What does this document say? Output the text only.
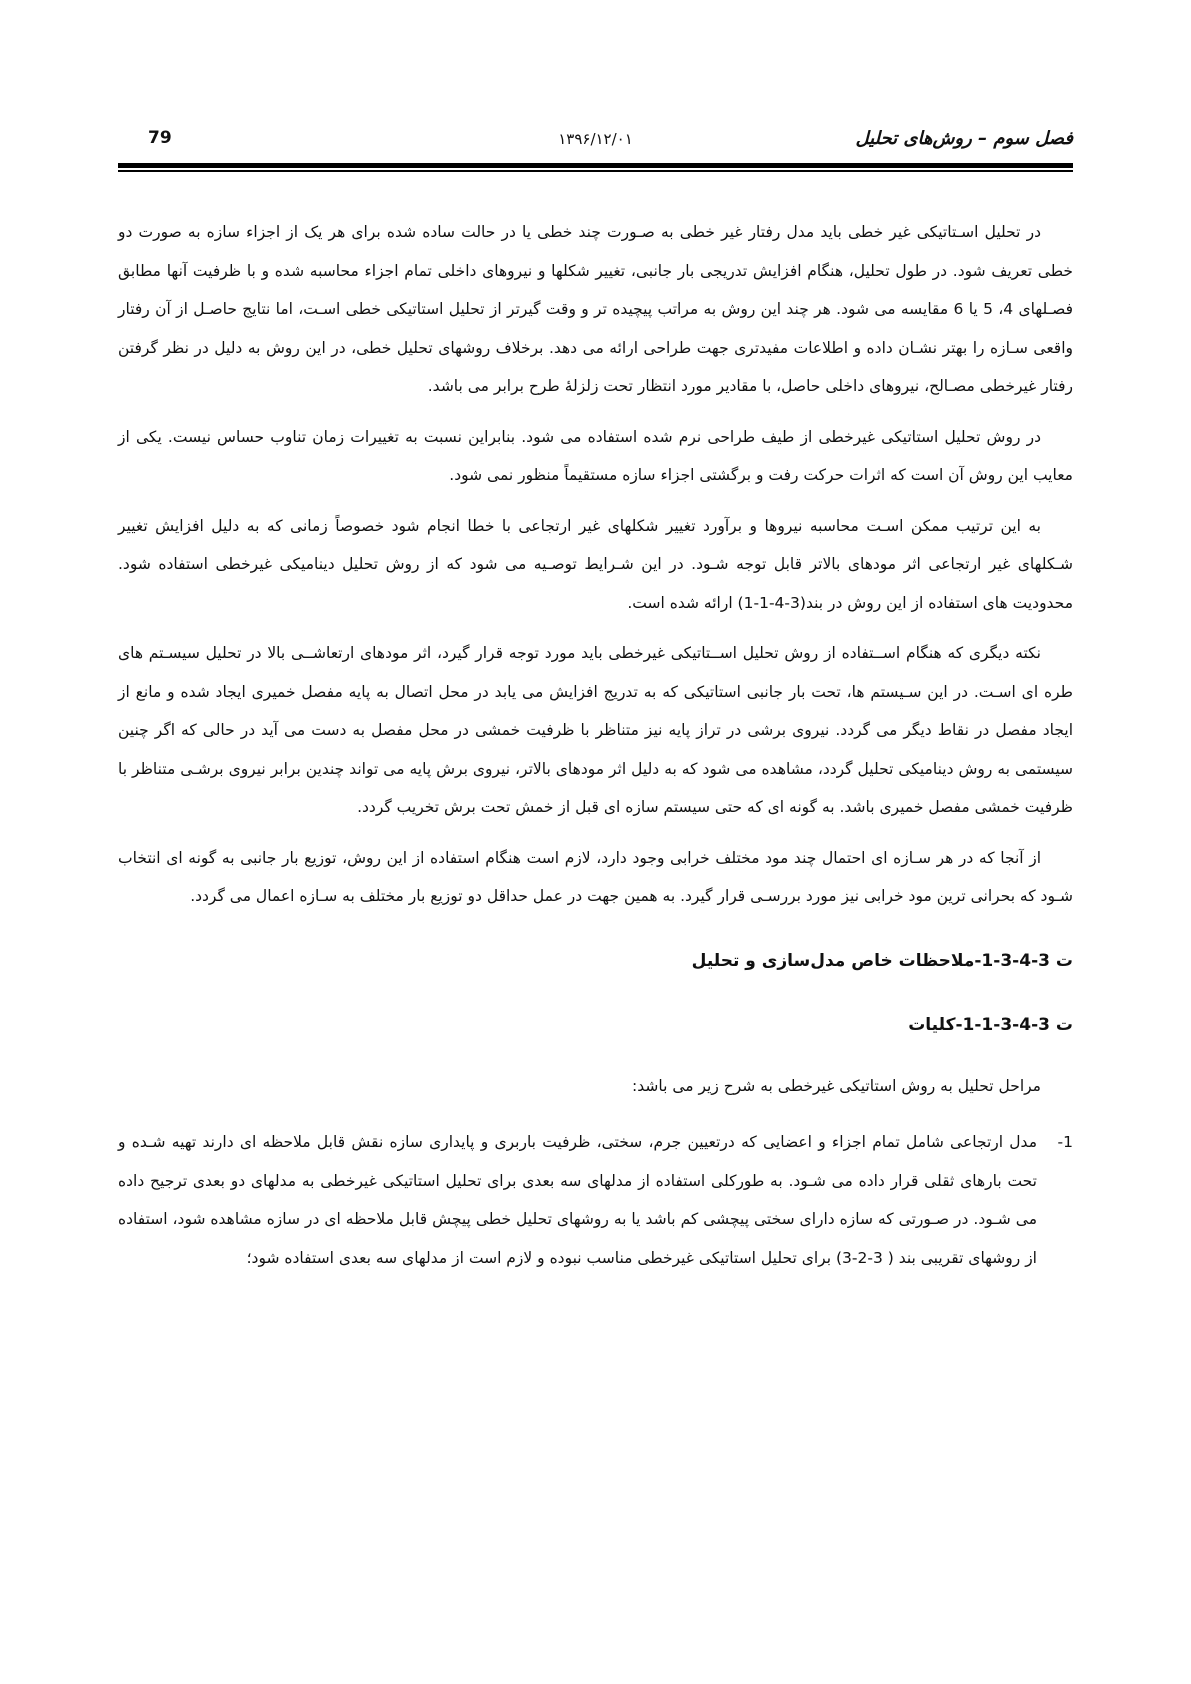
فصل سوم – روش‌های تحلیل
۱۳۹۶/۱۲/۰۱
79

در تحلیل اسـتاتیکی غیر خطی باید مدل رفتار غیر خطی به صـورت چند خطی یا در حالت ساده شده برای هر یک از اجزاء سازه به صورت دو خطی تعریف شود. در طول تحلیل، هنگام افزایش تدریجی بار جانبی، تغییر شکلها و نیروهای داخلی تمام اجزاء محاسبه شده و با ظرفیت آنها مطابق فصـلهای 4، 5 یا 6 مقایسه می شود. هر چند این روش به مراتب پیچیده تر و وقت گیرتر از تحلیل استاتیکی خطی اسـت، اما نتایج حاصـل از آن رفتار واقعی سـازه را بهتر نشـان داده و اطلاعات مفیدتری جهت طراحی ارائه می دهد. برخلاف روشهای تحلیل خطی، در این روش به دلیل در نظر گرفتن رفتار غیرخطی مصـالح، نیروهای داخلی حاصل، با مقادیر مورد انتظار تحت زلزلهٔ طرح برابر می باشد.

در روش تحلیل استاتیکی غیرخطی از طیف طراحی نرم شده استفاده می شود. بنابراین نسبت به تغییرات زمان تناوب حساس نیست. یکی از معایب این روش آن است که اثرات حرکت رفت و برگشتی اجزاء سازه مستقیماً منظور نمی شود.

به این ترتیب ممکن اسـت محاسبه نیروها و برآورد تغییر شکلهای غیر ارتجاعی با خطا انجام شود خصوصاً زمانی که به دلیل افزایش تغییر شـکلهای غیر ارتجاعی اثر مودهای بالاتر قابل توجه شـود. در این شـرایط توصـیه می شود که از روش تحلیل دینامیکی غیرخطی استفاده شود. محدودیت های استفاده از این روش در بند(3-4-1-1) ارائه شده است.

نکته دیگری که هنگام اســتفاده از روش تحلیل اســتاتیکی غیرخطی باید مورد توجه قرار گیرد، اثر مودهای ارتعاشــی بالا در تحلیل سیسـتم های طره ای اسـت. در این سـیستم ها، تحت بار جانبی استاتیکی که به تدریج افزایش می یابد در محل اتصال به پایه مفصل خمیری ایجاد شده و مانع از ایجاد مفصل در نقاط دیگر می گردد. نیروی برشی در تراز پایه نیز متناظر با ظرفیت خمشی در محل مفصل به دست می آید در حالی که اگر چنین سیستمی به روش دینامیکی تحلیل گردد، مشاهده می شود که به دلیل اثر مودهای بالاتر، نیروی برش پایه می تواند چندین برابر نیروی برشـی متناظر با ظرفیت خمشی مفصل خمیری باشد. به گونه ای که حتی سیستم سازه ای قبل از خمش تحت برش تخریب گردد.

از آنجا که در هر سـازه ای احتمال چند مود مختلف خرابی وجود دارد، لازم است هنگام استفاده از این روش، توزیع بار جانبی به گونه ای انتخاب شـود که بحرانی ترین مود خرابی نیز مورد بررسـی قرار گیرد. به همین جهت در عمل حداقل دو توزیع بار مختلف به سـازه اعمال می گردد.

ت 3-4-3-1-ملاحظات خاص مدل‌سازی و تحلیل
ت 3-4-3-1-1-کلیات

مراحل تحلیل به روش استاتیکی غیرخطی به شرح زیر می باشد:

1-
مدل ارتجاعی شامل تمام اجزاء و اعضایی که درتعیین جرم، سختی، ظرفیت باربری و پایداری سازه نقش قابل ملاحظه ای دارند تهیه شـده و تحت بارهای ثقلی قرار داده می شـود. به طورکلی استفاده از مدلهای سه بعدی برای تحلیل استاتیکی غیرخطی به مدلهای دو بعدی ترجیح داده می شـود. در صـورتی که سازه دارای سختی پیچشی کم باشد یا به روشهای تحلیل خطی پیچش قابل ملاحظه ای در سازه مشاهده شود، استفاده از روشهای تقریبی بند ( 3-2-3) برای تحلیل استاتیکی غیرخطی مناسب نبوده و لازم است از مدلهای سه بعدی استفاده شود؛
